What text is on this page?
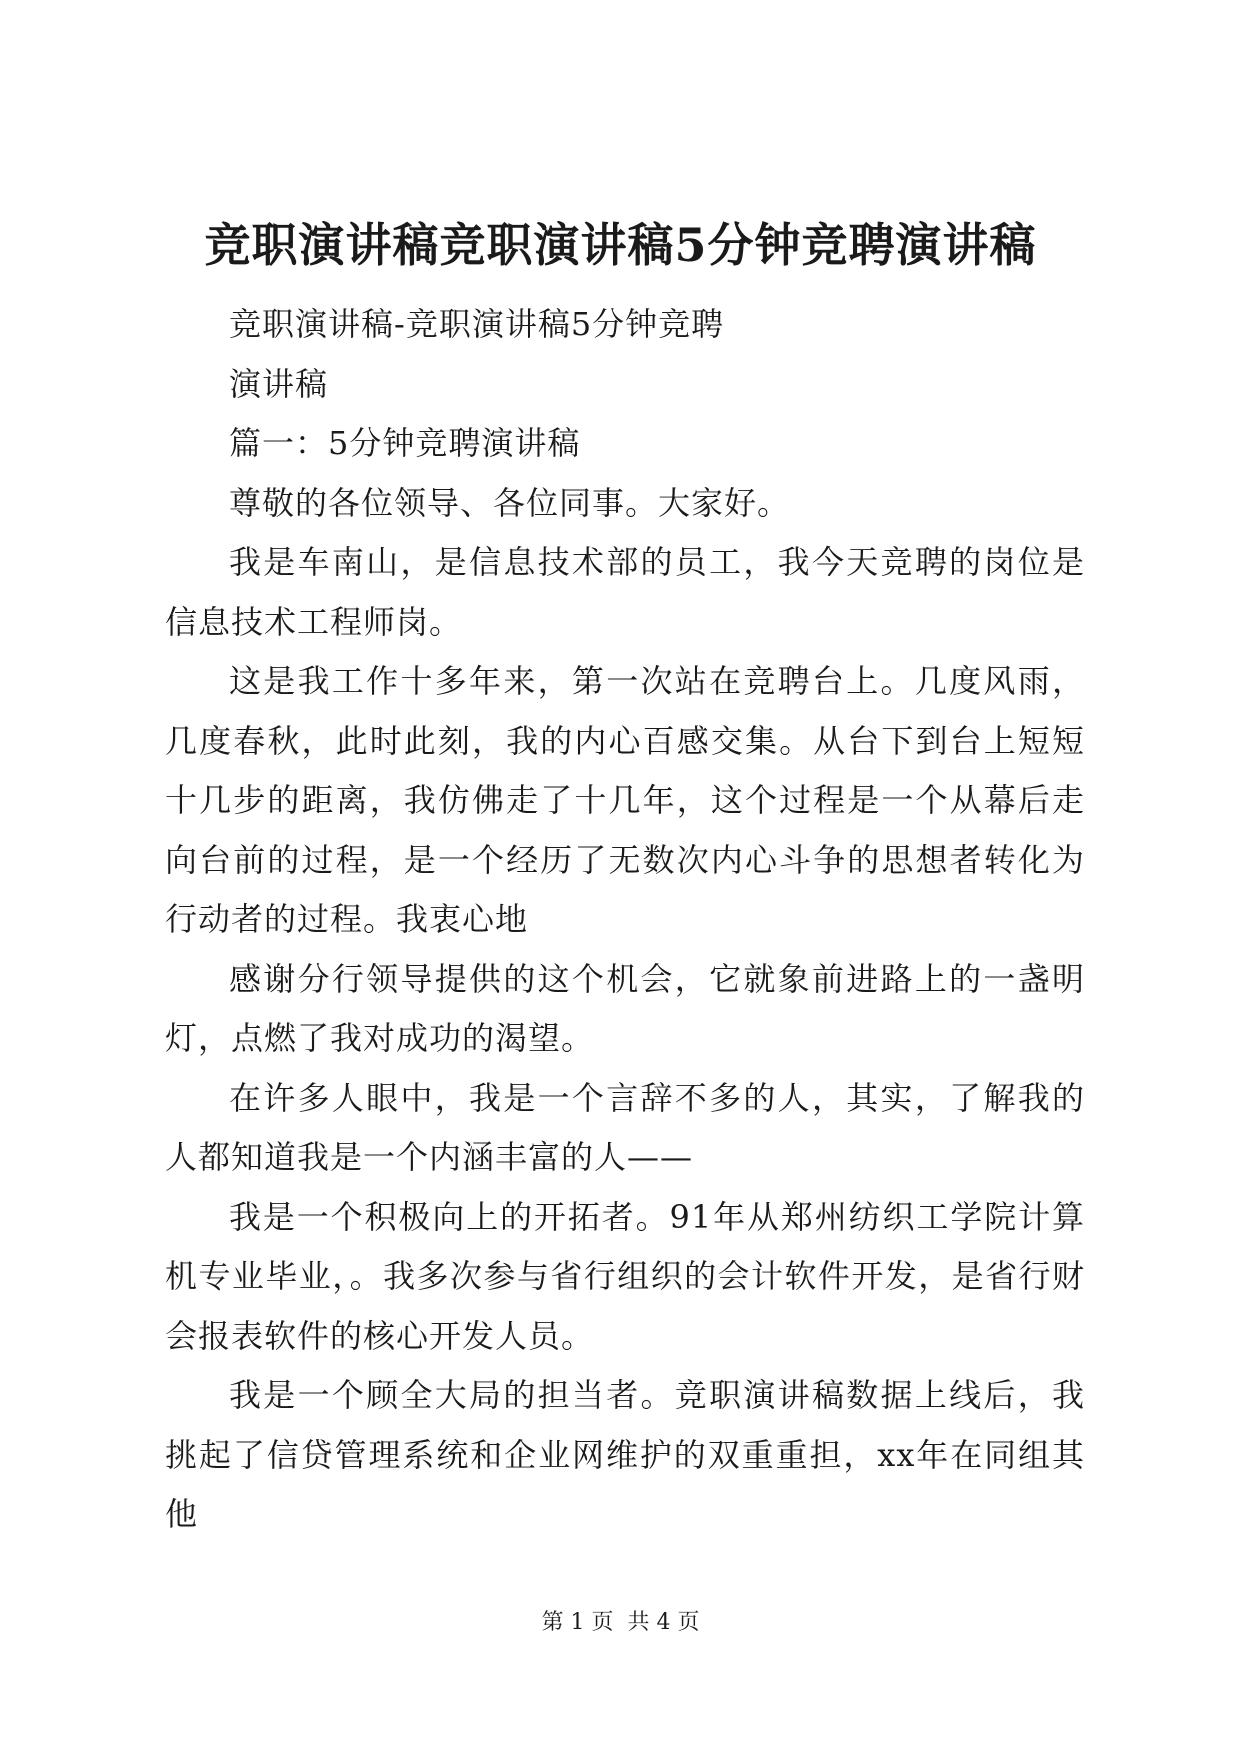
竞职演讲稿竞职演讲稿5分钟竞聘演讲稿

竞职演讲稿-竞职演讲稿5分钟竞聘

演讲稿

篇一：5分钟竞聘演讲稿

尊敬的各位领导、各位同事。大家好。

我是车南山，是信息技术部的员工，我今天竞聘的岗位是信息技术工程师岗。

这是我工作十多年来，第一次站在竞聘台上。几度风雨，几度春秋，此时此刻，我的内心百感交集。从台下到台上短短十几步的距离，我仿佛走了十几年，这个过程是一个从幕后走向台前的过程，是一个经历了无数次内心斗争的思想者转化为行动者的过程。我衷心地

感谢分行领导提供的这个机会，它就象前进路上的一盏明灯，点燃了我对成功的渴望。

在许多人眼中，我是一个言辞不多的人，其实，了解我的人都知道我是一个内涵丰富的人——

我是一个积极向上的开拓者。91年从郑州纺织工学院计算机专业毕业，。我多次参与省行组织的会计软件开发，是省行财会报表软件的核心开发人员。

我是一个顾全大局的担当者。竞职演讲稿数据上线后，我挑起了信贷管理系统和企业网维护的双重重担，xx年在同组其他

第 1 页  共 4 页
